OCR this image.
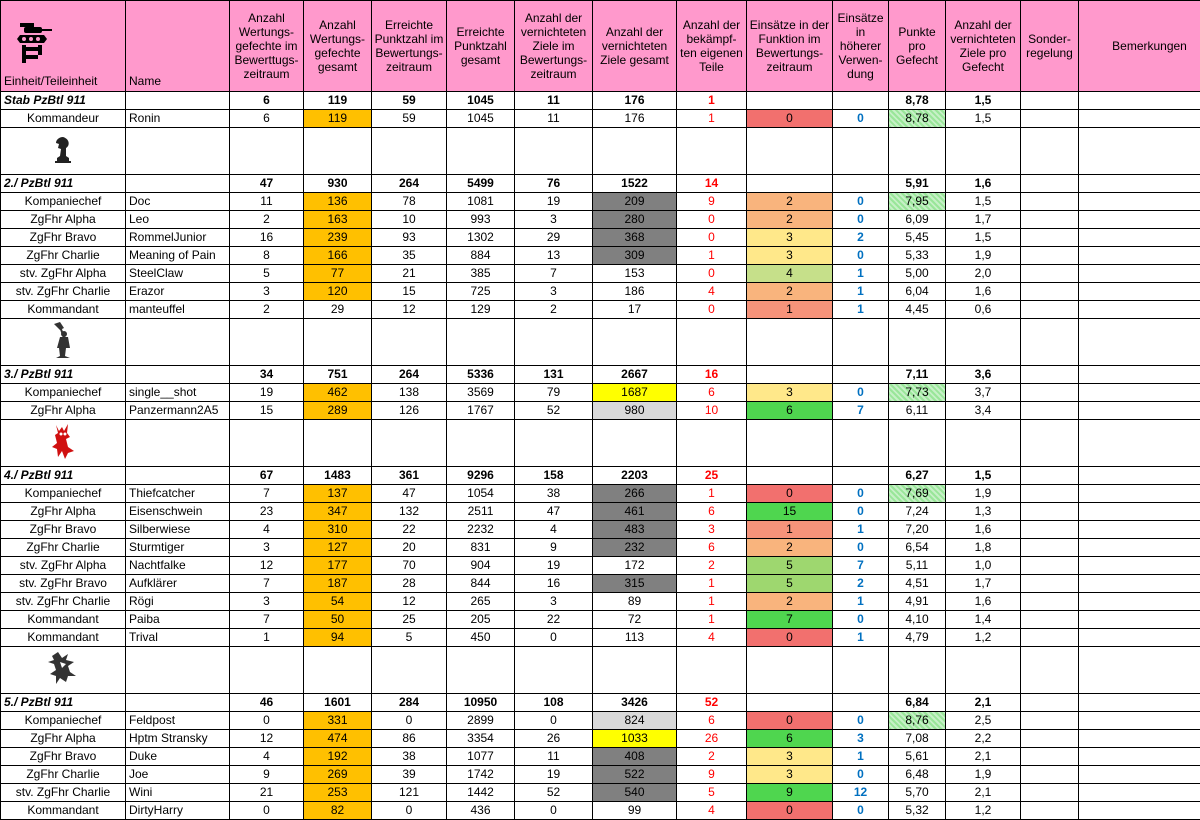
Einheit/Teileinheit	Name	Anzahl Wertungs-gefechte im Bewerttugs-zeitraum	Anzahl Wertungs-gefechte gesamt	Erreichte Punktzahl im Bewertungs-zeitraum	Erreichte Punktzahl gesamt	Anzahl der vernichteten Ziele im Bewertungs-zeitraum	Anzahl der vernichteten Ziele gesamt	Anzahl der bekämpf-ten eigenen Teile	Einsätze in der Funktion im Bewertungs-zeitraum	Einsätze in höherer Verwen-dung	Punkte pro Gefecht	Anzahl der vernichteten Ziele pro Gefecht	Sonder-regelung	Bemerkungen
Stab PzBtl 911		6	119	59	1045	11	176	1			8,78	1,5		
Kommandeur	Ronin	6	119	59	1045	11	176	1	0	0	8,78	1,5		

2./ PzBtl 911		47	930	264	5499	76	1522	14			5,91	1,6		
Kompaniechef	Doc	11	136	78	1081	19	209	9	2	0	7,95	1,5		
ZgFhr Alpha	Leo	2	163	10	993	3	280	0	2	0	6,09	1,7		
ZgFhr Bravo	RommelJunior	16	239	93	1302	29	368	0	3	2	5,45	1,5		
ZgFhr Charlie	Meaning of Pain	8	166	35	884	13	309	1	3	0	5,33	1,9		
stv. ZgFhr Alpha	SteelClaw	5	77	21	385	7	153	0	4	1	5,00	2,0		
stv. ZgFhr Charlie	Erazor	3	120	15	725	3	186	4	2	1	6,04	1,6		
Kommandant	manteuffel	2	29	12	129	2	17	0	1	1	4,45	0,6		

3./ PzBtl 911		34	751	264	5336	131	2667	16			7,11	3,6		
Kompaniechef	single__shot	19	462	138	3569	79	1687	6	3	0	7,73	3,7		
ZgFhr Alpha	Panzermann2A5	15	289	126	1767	52	980	10	6	7	6,11	3,4		

4./ PzBtl 911		67	1483	361	9296	158	2203	25			6,27	1,5		
Kompaniechef	Thiefcatcher	7	137	47	1054	38	266	1	0	0	7,69	1,9		
ZgFhr Alpha	Eisenschwein	23	347	132	2511	47	461	6	15	0	7,24	1,3		
ZgFhr Bravo	Silberwiese	4	310	22	2232	4	483	3	1	1	7,20	1,6		
ZgFhr Charlie	Sturmtiger	3	127	20	831	9	232	6	2	0	6,54	1,8		
stv. ZgFhr Alpha	Nachtfalke	12	177	70	904	19	172	2	5	7	5,11	1,0		
stv. ZgFhr Bravo	Aufklärer	7	187	28	844	16	315	1	5	2	4,51	1,7		
stv. ZgFhr Charlie	Rögi	3	54	12	265	3	89	1	2	1	4,91	1,6		
Kommandant	Paiba	7	50	25	205	22	72	1	7	0	4,10	1,4		
Kommandant	Trival	1	94	5	450	0	113	4	0	1	4,79	1,2		

5./ PzBtl 911		46	1601	284	10950	108	3426	52			6,84	2,1		
Kompaniechef	Feldpost	0	331	0	2899	0	824	6	0	0	8,76	2,5		
ZgFhr Alpha	Hptm Stransky	12	474	86	3354	26	1033	26	6	3	7,08	2,2		
ZgFhr Bravo	Duke	4	192	38	1077	11	408	2	3	1	5,61	2,1		
ZgFhr Charlie	Joe	9	269	39	1742	19	522	9	3	0	6,48	1,9		
stv. ZgFhr Charlie	Wini	21	253	121	1442	52	540	5	9	12	5,70	2,1		
Kommandant	DirtyHarry	0	82	0	436	0	99	4	0	0	5,32	1,2		
